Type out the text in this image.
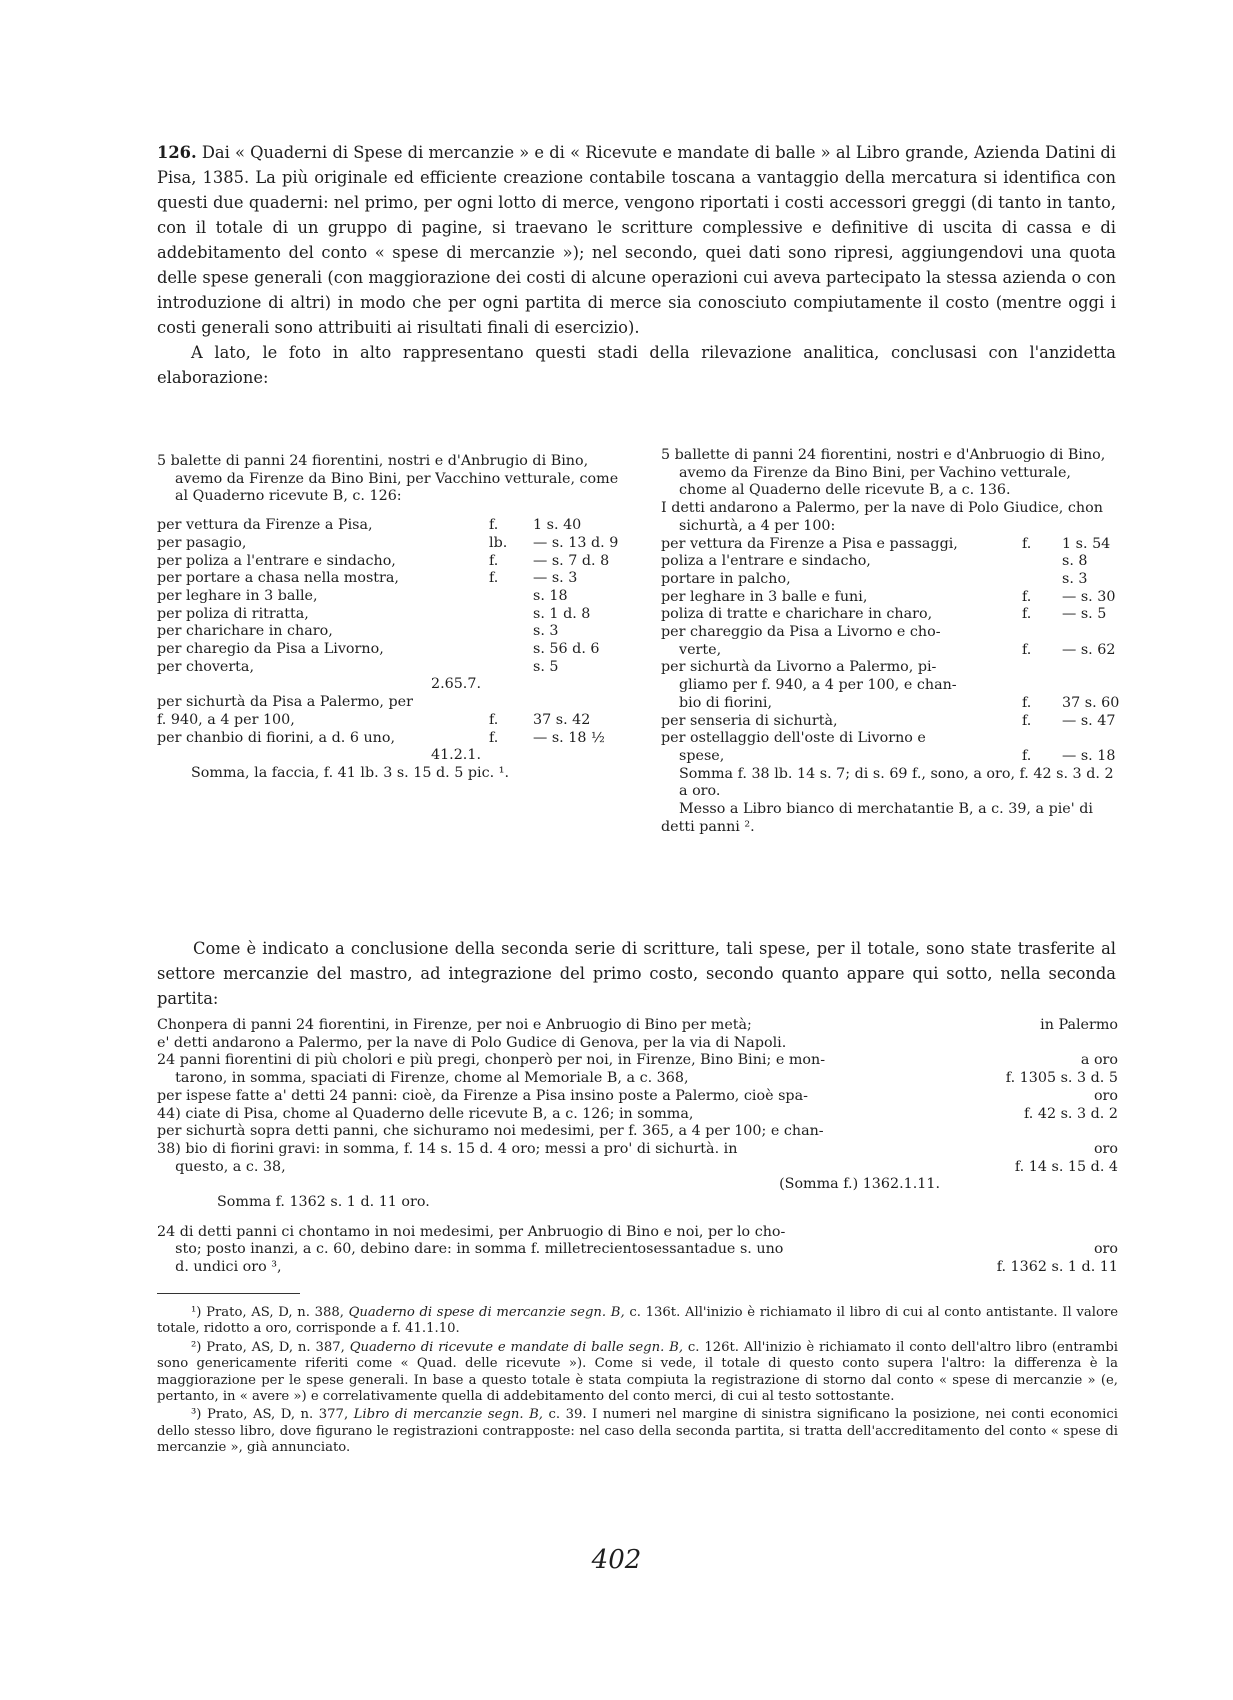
126. Dai « Quaderni di Spese di mercanzie » e di « Ricevute e mandate di balle » al Libro grande, Azienda Datini di Pisa, 1385. La più originale ed efficiente creazione contabile toscana a vantaggio della mercatura si identifica con questi due quaderni: nel primo, per ogni lotto di merce, vengono riportati i costi accessori greggi (di tanto in tanto, con il totale di un gruppo di pagine, si traevano le scritture complessive e definitive di uscita di cassa e di addebitamento del conto « spese di mercanzie »); nel secondo, quei dati sono ripresi, aggiungendovi una quota delle spese generali (con maggiorazione dei costi di alcune operazioni cui aveva partecipato la stessa azienda o con introduzione di altri) in modo che per ogni partita di merce sia conosciuto compiutamente il costo (mentre oggi i costi generali sono attribuiti ai risultati finali di esercizio).

A lato, le foto in alto rappresentano questi stadi della rilevazione analitica, conclusasi con l'anzidetta elaborazione:

5 balette di panni 24 fiorentini, nostri e d'Anbrugio di Bino, avemo da Firenze da Bino Bini, per Vacchino vetturale, come al Quaderno ricevute B, c. 126:

per vettura da Firenze a Pisa,	f.	1 s. 40
per pasagio,	lb.	— s. 13 d. 9
per poliza a l'entrare e sindacho,	f.	— s. 7 d. 8
per portare a chasa nella mostra,	f.	— s. 3
per leghare in 3 balle,	s. 18
per poliza di ritratta,	s. 1 d. 8
per charichare in charo,	s. 3
per charegio da Pisa a Livorno,	s. 56 d. 6
per choverta,	s. 5
2.65.7.
per sichurtà da Pisa a Palermo, per
f. 940, a 4 per 100,	f.	37 s. 42
per chanbio di fiorini, a d. 6 uno,	f.	— s. 18 ½
41.2.1.

Somma, la faccia, f. 41 lb. 3 s. 15 d. 5 pic. ¹.

5 ballette di panni 24 fiorentini, nostri e d'Anbruogio di Bino, avemo da Firenze da Bino Bini, per Vachino vetturale, chome al Quaderno delle ricevute B, a c. 136.

I detti andarono a Palermo, per la nave di Polo Giudice, chon sichurtà, a 4 per 100:

per vettura da Firenze a Pisa e passaggi,	f.	1 s. 54
poliza a l'entrare e sindacho,	s. 8
portare in palcho,	s. 3
per leghare in 3 balle e funi,	f.	— s. 30
poliza di tratte e charichare in charo,	f.	— s. 5
per chareggio da Pisa a Livorno e cho-
verte,	f.	— s. 62
per sichurtà da Livorno a Palermo, pi-
gliamo per f. 940, a 4 per 100, e chan-
bio di fiorini,	f.	37 s. 60
per senseria di sichurtà,	f.	— s. 47
per ostellaggio dell'oste di Livorno e
spese,	f.	— s. 18

Somma f. 38 lb. 14 s. 7; di s. 69 f., sono, a oro, f. 42 s. 3 d. 2 a oro.

Messo a Libro bianco di merchatantie B, a c. 39, a pie' di detti panni ².

Come è indicato a conclusione della seconda serie di scritture, tali spese, per il totale, sono state trasferite al settore mercanzie del mastro, ad integrazione del primo costo, secondo quanto appare qui sotto, nella seconda partita:

Chonpera di panni 24 fiorentini, in Firenze, per noi e Anbruogio di Bino per metà;	in Palermo
e' detti andarono a Palermo, per la nave di Polo Gudice di Genova, per la via di Napoli.
24 panni fiorentini di più cholori e più pregi, chonperò per noi, in Firenze, Bino Bini; e mon-	a oro
tarono, in somma, spaciati di Firenze, chome al Memoriale B, a c. 368,	f. 1305 s. 3 d. 5
per ispese fatte a' detti 24 panni: cioè, da Firenze a Pisa insino poste a Palermo, cioè spa-	oro
44) ciate di Pisa, chome al Quaderno delle ricevute B, a c. 126; in somma,	f. 42 s. 3 d. 2
per sichurtà sopra detti panni, che sichuramo noi medesimi, per f. 365, a 4 per 100; e chan-
38) bio di fiorini gravi: in somma, f. 14 s. 15 d. 4 oro; messi a pro' di sichurtà. in	oro
questo, a c. 38,	f. 14 s. 15 d. 4
(Somma f.) 1362.1.11.
Somma f. 1362 s. 1 d. 11 oro.
24 di detti panni ci chontamo in noi medesimi, per Anbruogio di Bino e noi, per lo cho-
sto; posto inanzi, a c. 60, debino dare: in somma f. milletrecientosessantadue s. uno	oro
d. undici oro ³,	f. 1362 s. 1 d. 11

¹) Prato, AS, D, n. 388, Quaderno di spese di mercanzie segn. B, c. 136t. All'inizio è richiamato il libro di cui al conto antistante. Il valore totale, ridotto a oro, corrisponde a f. 41.1.10.

²) Prato, AS, D, n. 387, Quaderno di ricevute e mandate di balle segn. B, c. 126t. All'inizio è richiamato il conto dell'altro libro (entrambi sono genericamente riferiti come « Quad. delle ricevute »). Come si vede, il totale di questo conto supera l'altro: la differenza è la maggiorazione per le spese generali. In base a questo totale è stata compiuta la registrazione di storno dal conto « spese di mercanzie » (e, pertanto, in « avere ») e correlativamente quella di addebitamento del conto merci, di cui al testo sottostante.

³) Prato, AS, D, n. 377, Libro di mercanzie segn. B, c. 39. I numeri nel margine di sinistra significano la posizione, nei conti economici dello stesso libro, dove figurano le registrazioni contrapposte: nel caso della seconda partita, si tratta dell'accreditamento del conto « spese di mercanzie », già annunciato.

402
